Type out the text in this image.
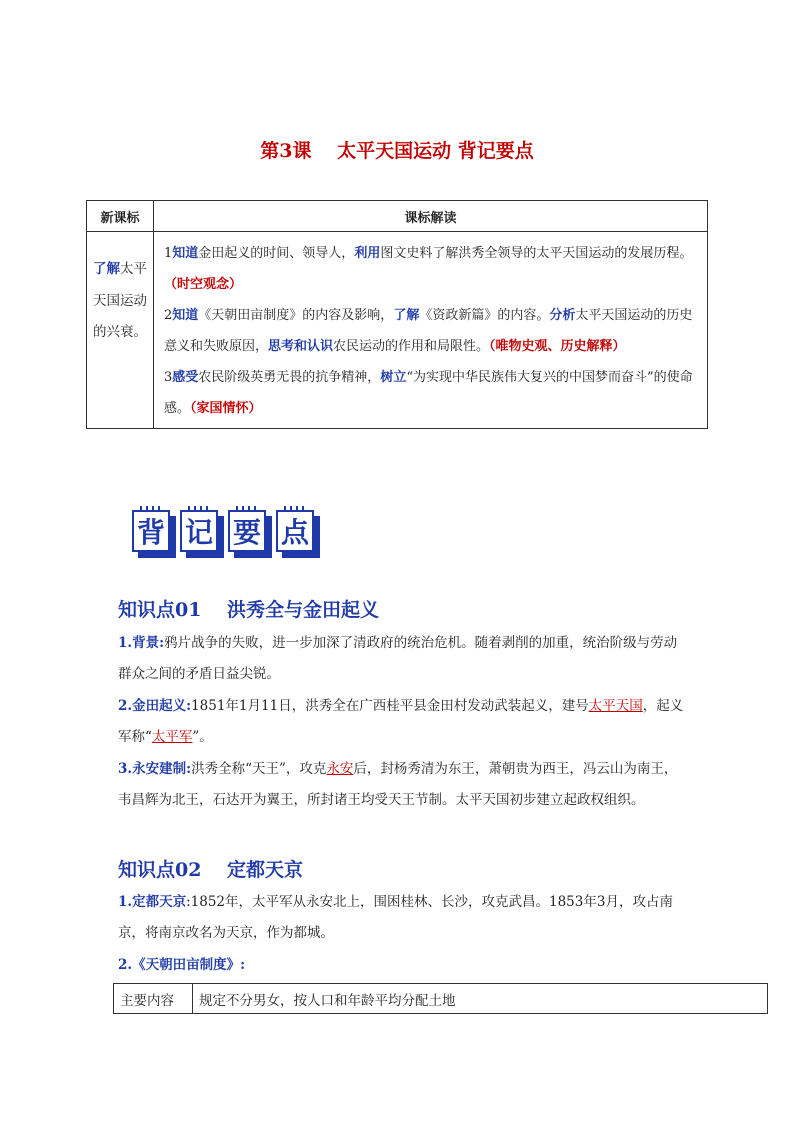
第3课　 太平天国运动 背记要点
新课标	课标解读
了解太平天国运动的兴衰。	1知道金田起义的时间、领导人，利用图文史料了解洪秀全领导的太平天国运动的发展历程。（时空观念）
2知道《天朝田亩制度》的内容及影响，了解《资政新篇》的内容。分析太平天国运动的历史意义和失败原因，思考和认识农民运动的作用和局限性。（唯物史观、历史解释）
3感受农民阶级英勇无畏的抗争精神，树立“为实现中华民族伟大复兴的中国梦而奋斗”的使命感。（家国情怀）
背 记 要 点
知识点01　 洪秀全与金田起义
1.背景:鸦片战争的失败，进一步加深了清政府的统治危机。随着剥削的加重，统治阶级与劳动群众之间的矛盾日益尖锐。
2.金田起义:1851年1月11日，洪秀全在广西桂平县金田村发动武装起义，建号太平天国，起义军称“太平军”。
3.永安建制:洪秀全称“天王”，攻克永安后，封杨秀清为东王，萧朝贵为西王，冯云山为南王，韦昌辉为北王，石达开为翼王，所封诸王均受天王节制。太平天国初步建立起政权组织。
知识点02　 定都天京
1.定都天京:1852年，太平军从永安北上，围困桂林、长沙，攻克武昌。1853年3月，攻占南京，将南京改名为天京，作为都城。
2.《天朝田亩制度》:
主要内容	规定不分男女，按人口和年龄平均分配土地
